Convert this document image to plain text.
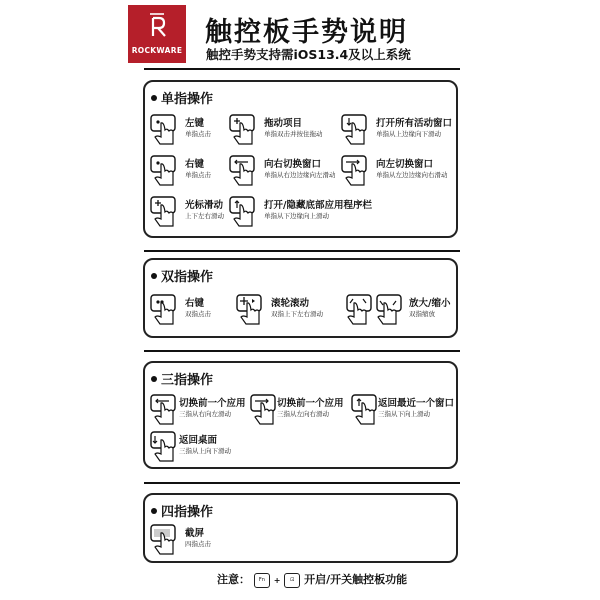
ROCKWARE
触控板手势说明
触控手势支持需iOS13.4及以上系统
单指操作
左键
单指点击
拖动项目
单指双击并按住拖动
打开所有活动窗口
单指从上边缘向下滑动
右键
单指点击
向右切换窗口
单指从右边边缘向左滑动
向左切换窗口
单指从左边边缘向右滑动
光标滑动
上下左右滑动
打开/隐藏底部应用程序栏
单指从下边缘向上滑动
双指操作
右键
双指点击
滚轮滚动
双指上下左右滑动
放大/缩小
双指缩放
三指操作
切换前一个应用
三指从右向左滑动
切换前一个应用
三指从左向右滑动
返回最近一个窗口
三指从下向上滑动
返回桌面
三指从上向下滑动
四指操作
截屏
四指点击
注意： Fn + ⊡ 开启/开关触控板功能
